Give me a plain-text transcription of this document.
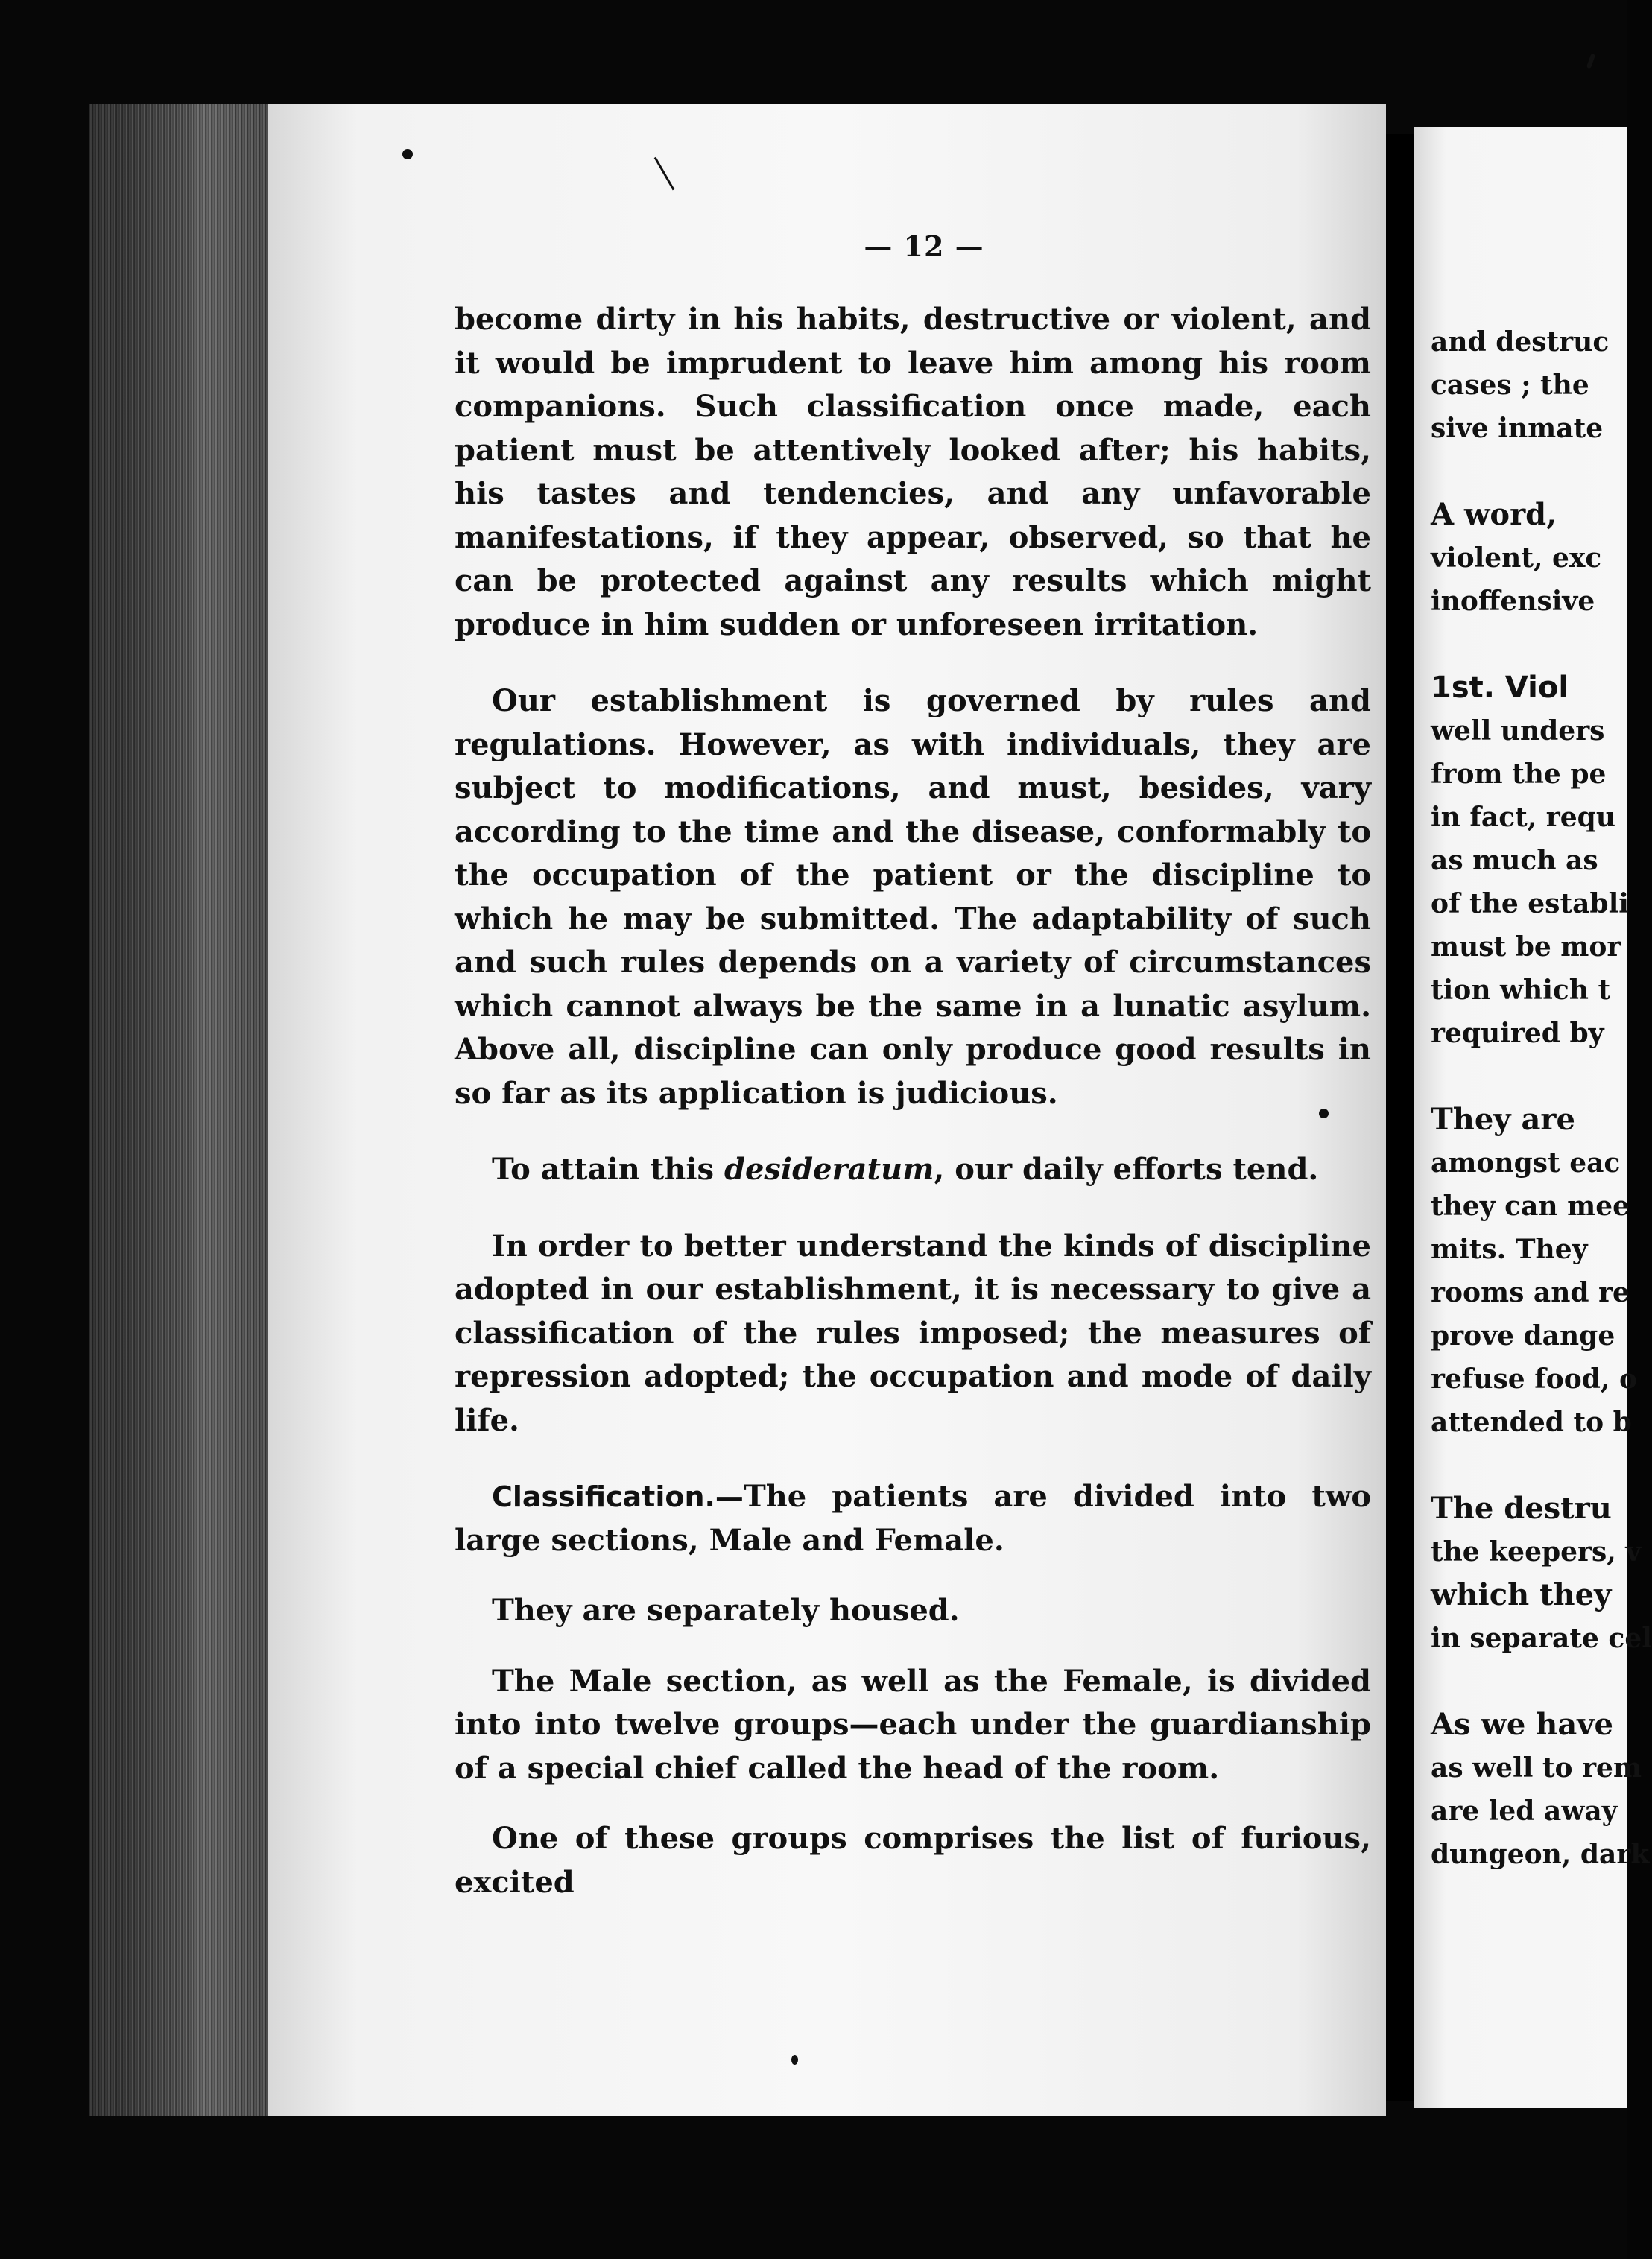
— 12 —

become dirty in his habits, destructive or violent, and it would be imprudent to leave him among his room companions. Such classification once made, each patient must be attentively looked after; his habits, his tastes and tendencies, and any unfavorable manifestations, if they appear, observed, so that he can be protected against any results which might produce in him sudden or unforeseen irritation.

Our establishment is governed by rules and regulations. However, as with individuals, they are subject to modifications, and must, besides, vary according to the time and the disease, conformably to the occupation of the patient or the discipline to which he may be submitted. The adaptability of such and such rules depends on a variety of circumstances which cannot always be the same in a lunatic asylum. Above all, discipline can only produce good results in so far as its application is judicious.

To attain this desideratum, our daily efforts tend.

In order to better understand the kinds of discipline adopted in our establishment, it is necessary to give a classification of the rules imposed; the measures of repression adopted; the occupation and mode of daily life.

Classification.—The patients are divided into two large sections, Male and Female.

They are separately housed.

The Male section, as well as the Female, is divided into into twelve groups—each under the guardianship of a special chief called the head of the room.

One of these groups comprises the list of furious, excited

and destruc
cases ; the
sive inmate

A word,
violent, exc
inoffensive

1st. Viol
well unders
from the pe
in fact, requ
as much as
of the establi
must be mor
tion which t
required by

They are
amongst eac
they can mee
mits. They
rooms and re
prove dange
refuse food, o
attended to b

The destru
the keepers, v
which they
in separate cel

As we have
as well to rem
are led away
dungeon, dark
